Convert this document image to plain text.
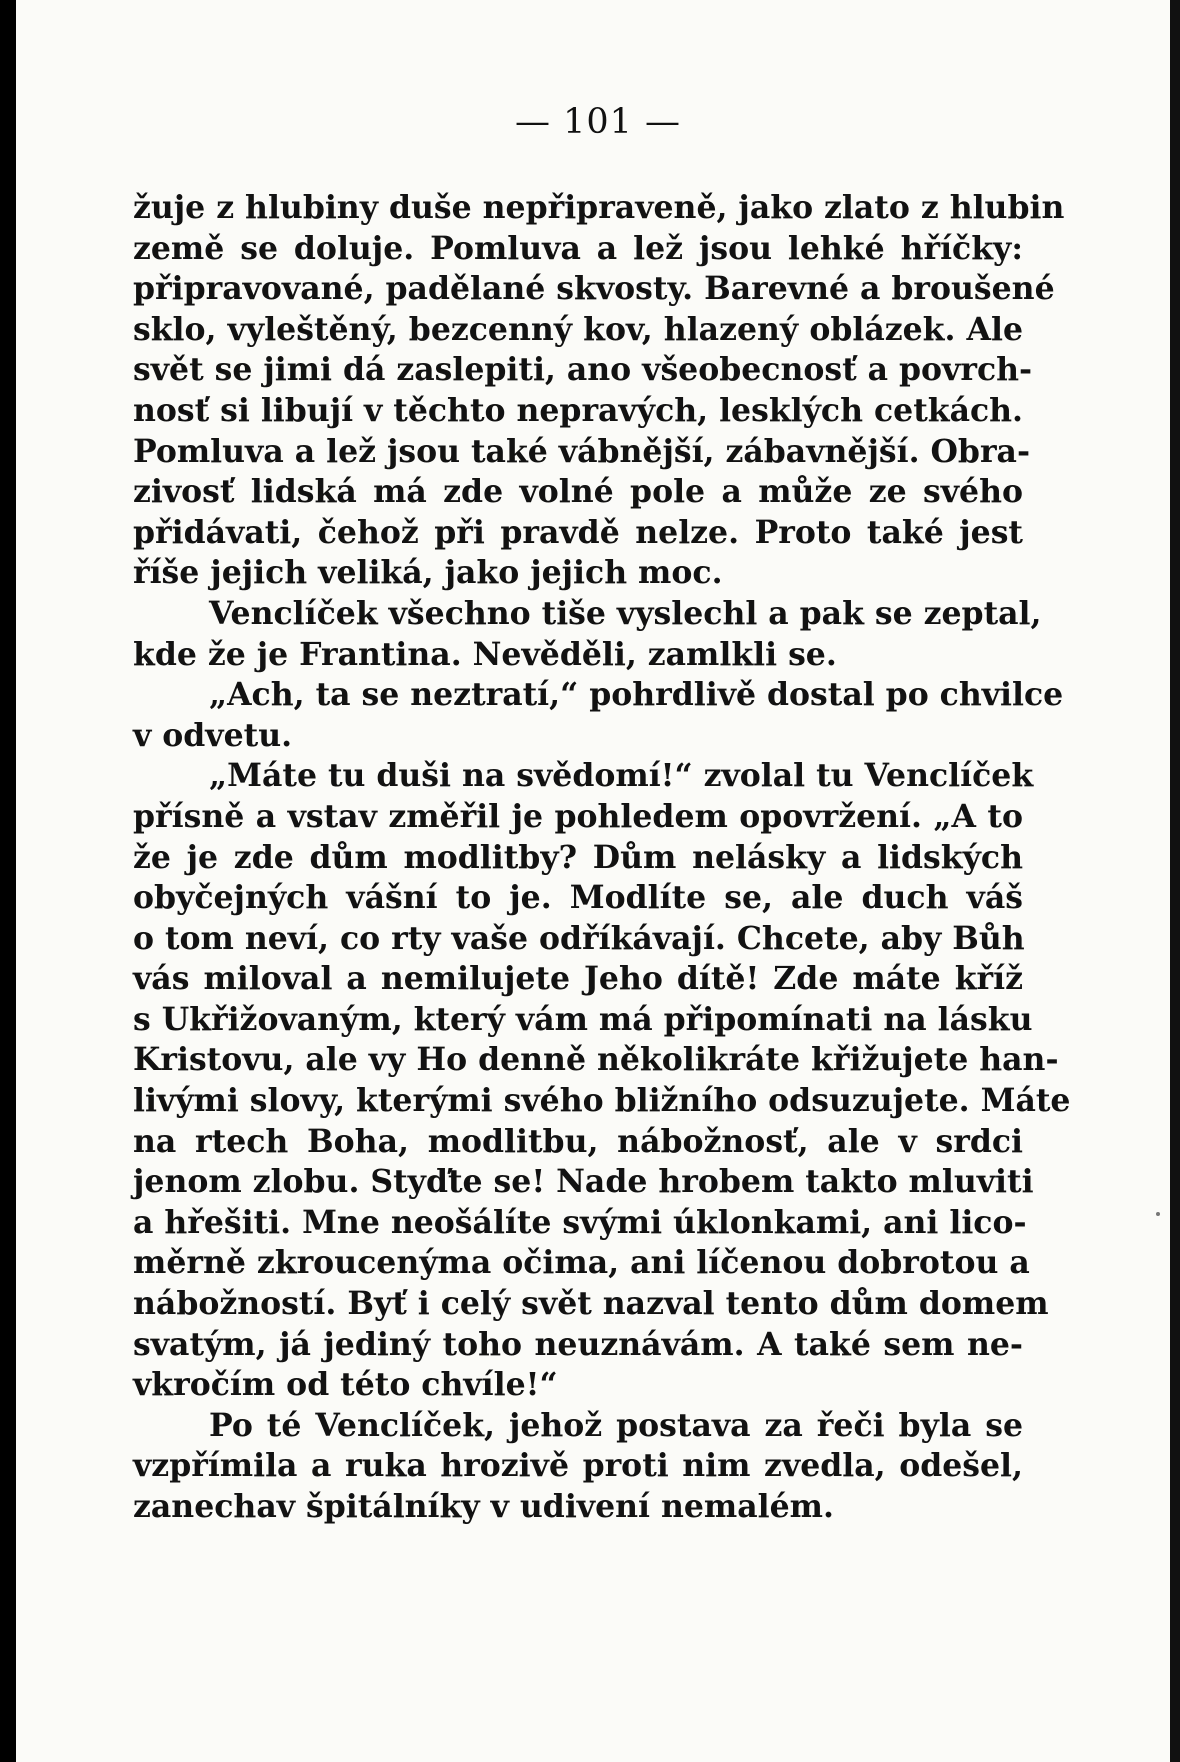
— 101 —
žuje z hlubiny duše nepřipraveně, jako zlato z hlubin
země se doluje. Pomluva a lež jsou lehké hříčky:
připravované, padělané skvosty. Barevné a broušené
sklo, vyleštěný, bezcenný kov, hlazený oblázek. Ale
svět se jimi dá zaslepiti, ano všeobecnosť a povrch-
nosť si libují v těchto nepravých, lesklých cetkách.
Pomluva a lež jsou také vábnější, zábavnější. Obra-
zivosť lidská má zde volné pole a může ze svého
přidávati, čehož při pravdě nelze. Proto také jest
říše jejich veliká, jako jejich moc.
Venclíček všechno tiše vyslechl a pak se zeptal,
kde že je Frantina. Nevěděli, zamlkli se.
„Ach, ta se neztratí,“ pohrdlivě dostal po chvilce
v odvetu.
„Máte tu duši na svědomí!“ zvolal tu Venclíček
přísně a vstav změřil je pohledem opovržení. „A to
že je zde dům modlitby? Dům nelásky a lidských
obyčejných vášní to je. Modlíte se, ale duch váš
o tom neví, co rty vaše odříkávají. Chcete, aby Bůh
vás miloval a nemilujete Jeho dítě! Zde máte kříž
s Ukřižovaným, který vám má připomínati na lásku
Kristovu, ale vy Ho denně několikráte křižujete han-
livými slovy, kterými svého bližního odsuzujete. Máte
na rtech Boha, modlitbu, nábožnosť, ale v srdci
jenom zlobu. Styďte se! Nade hrobem takto mluviti
a hřešiti. Mne neošálíte svými úklonkami, ani lico-
měrně zkroucenýma očima, ani líčenou dobrotou a
nábožností. Byť i celý svět nazval tento dům domem
svatým, já jediný toho neuznávám. A také sem ne-
vkročím od této chvíle!“
Po té Venclíček, jehož postava za řeči byla se
vzpřímila a ruka hrozivě proti nim zvedla, odešel,
zanechav špitálníky v udivení nemalém.
